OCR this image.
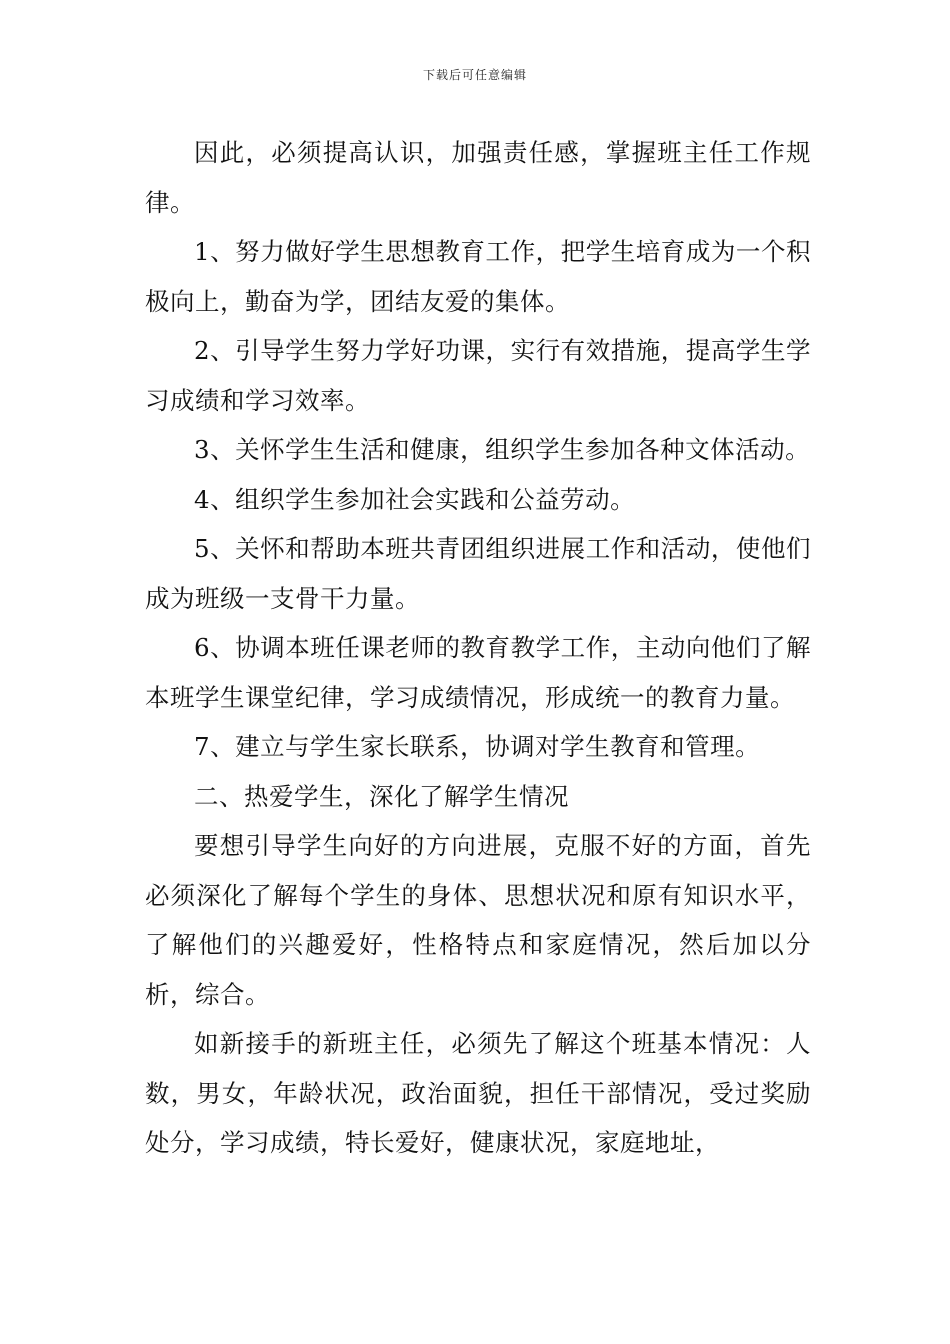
下载后可任意编辑

因此，必须提高认识，加强责任感，掌握班主任工作规律。

1、努力做好学生思想教育工作，把学生培育成为一个积极向上，勤奋为学，团结友爱的集体。

2、引导学生努力学好功课，实行有效措施，提高学生学习成绩和学习效率。

3、关怀学生生活和健康，组织学生参加各种文体活动。

4、组织学生参加社会实践和公益劳动。

5、关怀和帮助本班共青团组织进展工作和活动，使他们成为班级一支骨干力量。

6、协调本班任课老师的教育教学工作，主动向他们了解本班学生课堂纪律，学习成绩情况，形成统一的教育力量。

7、建立与学生家长联系，协调对学生教育和管理。

二、热爱学生，深化了解学生情况

要想引导学生向好的方向进展，克服不好的方面，首先必须深化了解每个学生的身体、思想状况和原有知识水平，了解他们的兴趣爱好，性格特点和家庭情况，然后加以分析，综合。

如新接手的新班主任，必须先了解这个班基本情况：人数，男女，年龄状况，政治面貌，担任干部情况，受过奖励处分，学习成绩，特长爱好，健康状况，家庭地址，
